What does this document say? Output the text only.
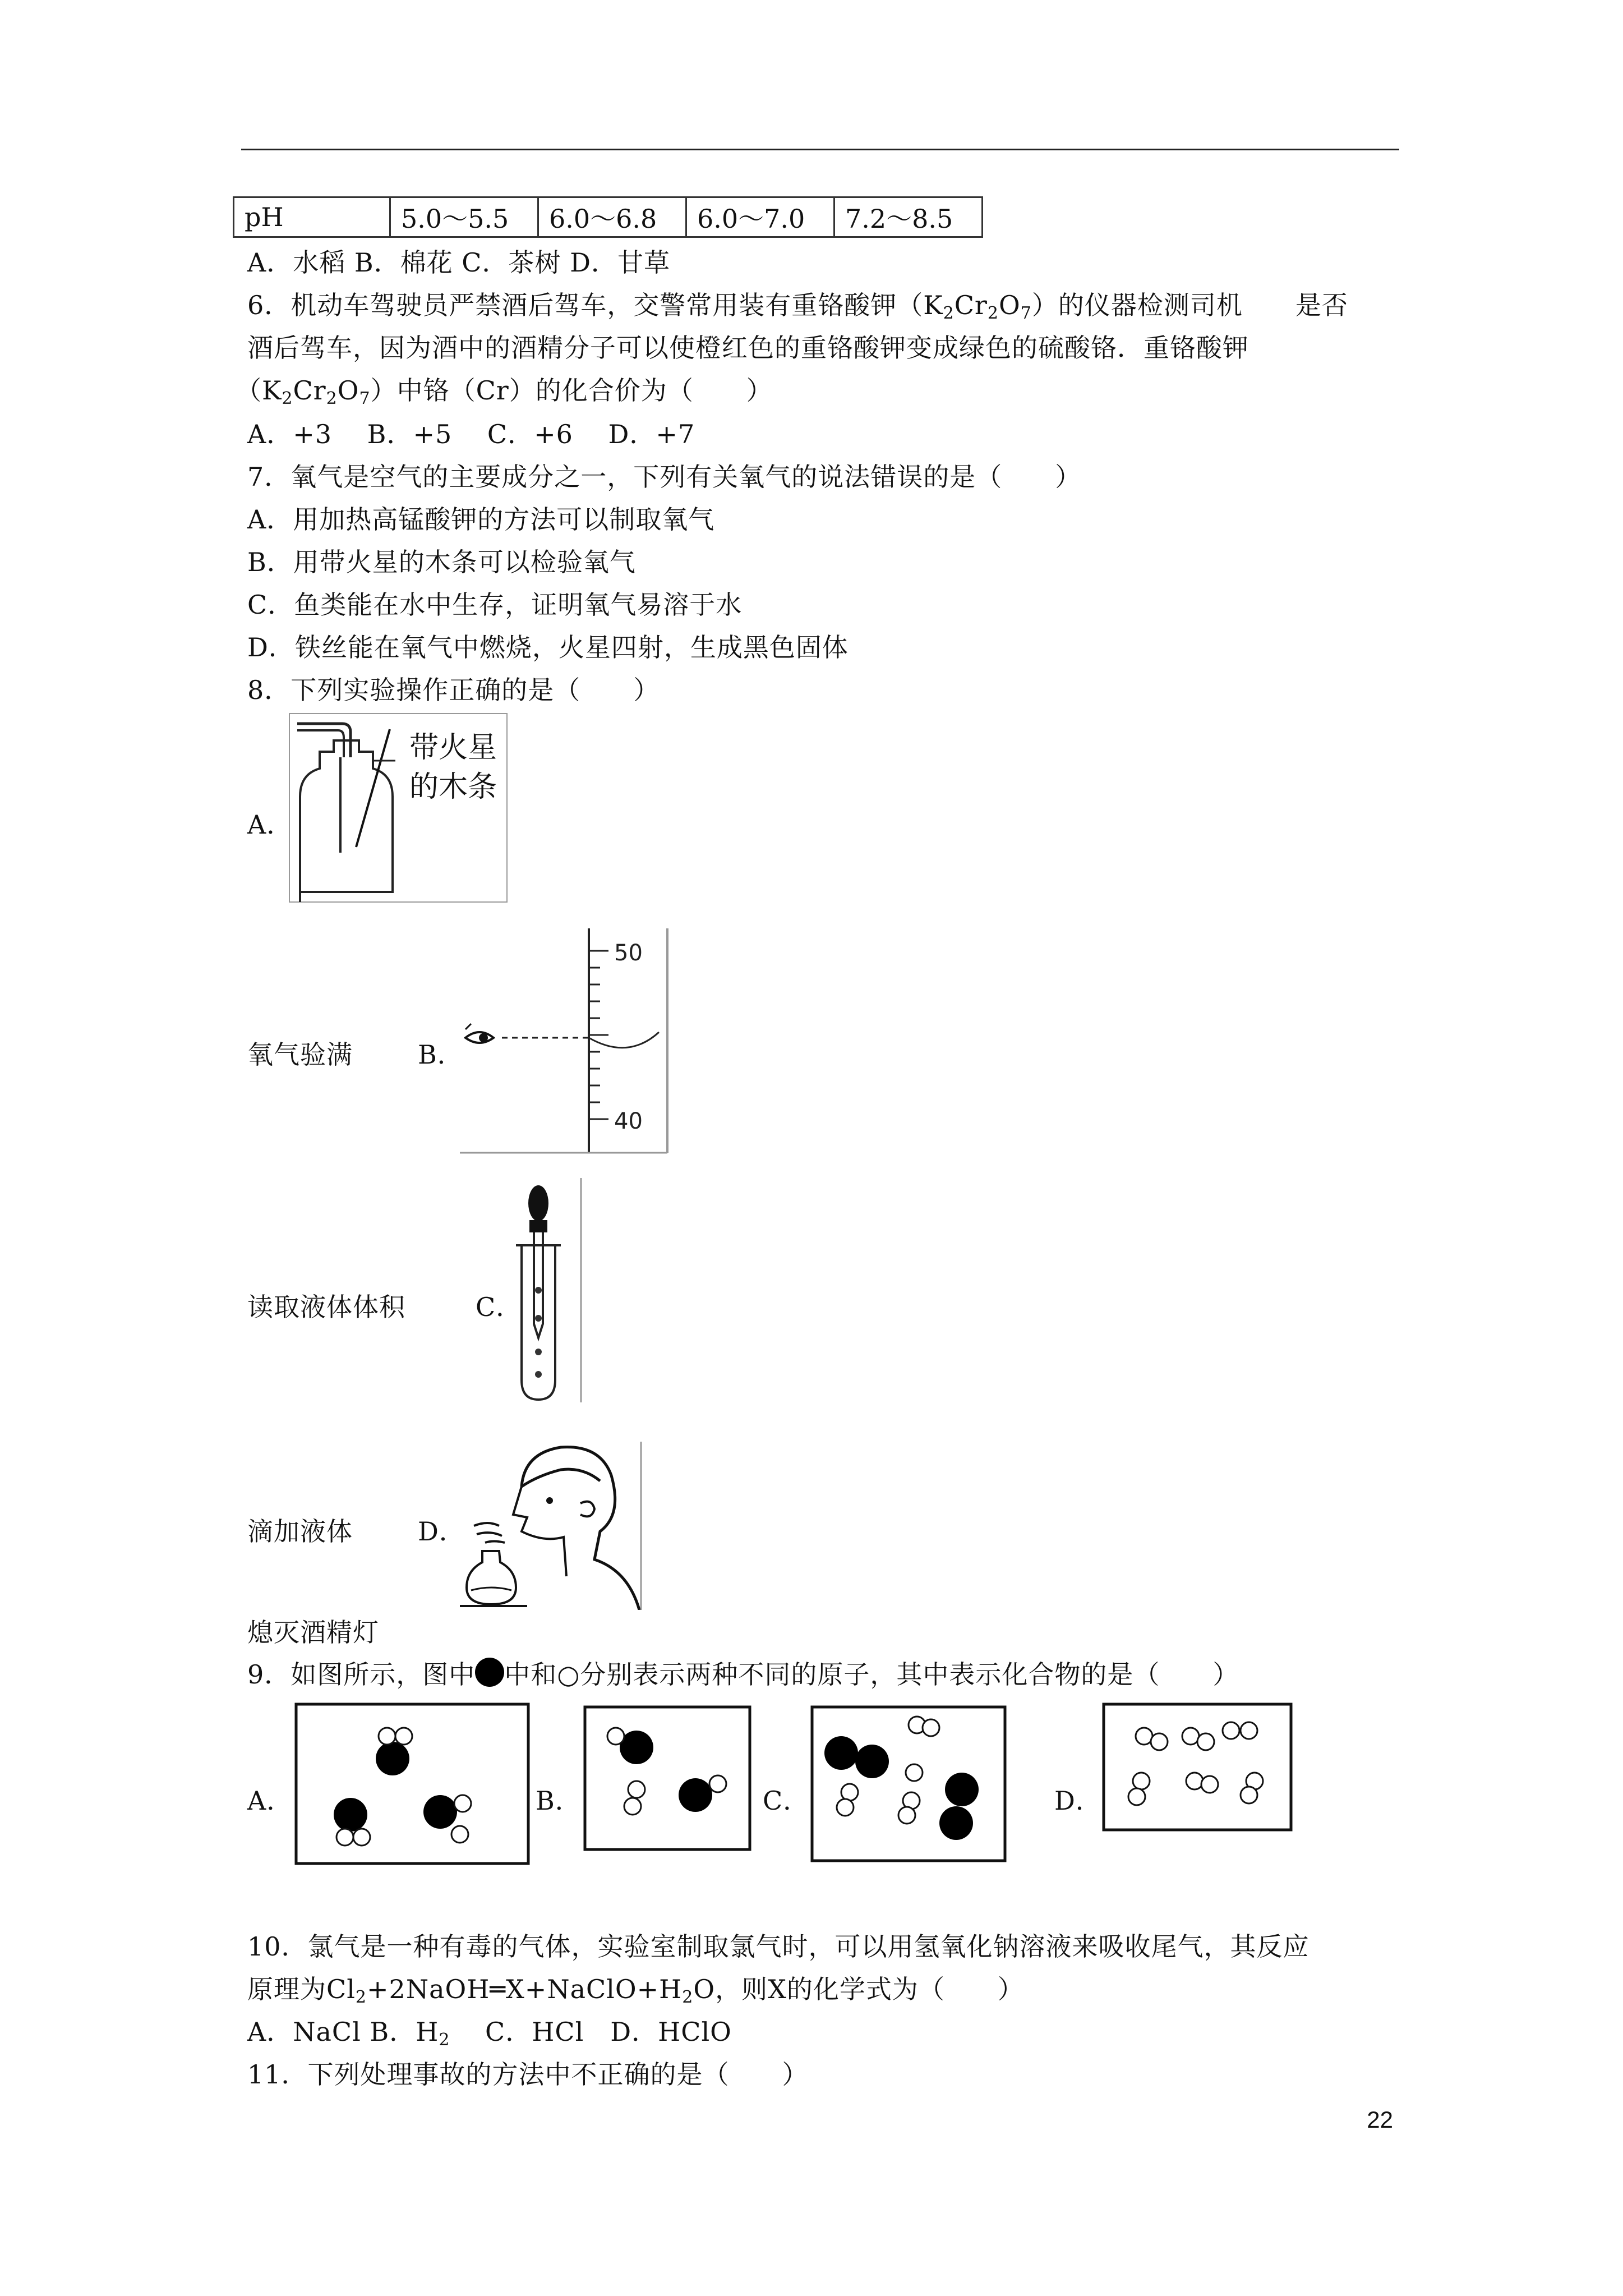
pH	5.0～5.5	6.0～6.8	6.0～7.0	7.2～8.5
A．水稻 B．棉花 C．茶树 D．甘草
6．机动车驾驶员严禁酒后驾车，交警常用装有重铬酸钾$(K_2Cr_2O_7)$的仪器检测司机　　是否
酒后驾车，因为酒中的酒精分子可以使橙红色的重铬酸钾变成绿色的硫酸铬．重铬酸钾
$(K_2Cr_2O_7)$中铬（Cr）的化合价为（　　）
A．+3　 B．+5　 C．+6　 D．+7
7．氧气是空气的主要成分之一，下列有关氧气的说法错误的是（　　）
A．用加热高锰酸钾的方法可以制取氧气
B．用带火星的木条可以检验氧气
C．鱼类能在水中生存，证明氧气易溶于水
D．铁丝能在氧气中燃烧，火星四射，生成黑色固体
8．下列实验操作正确的是（　　）
A．
带火星
的木条
氧气验满	B．
50
40
读取液体体积	C．
滴加液体	D．
熄灭酒精灯
9．如图所示，图中 中和○分别表示两种不同的原子，其中表示化合物的是（　　）
A．	B．	C．	D．
10．氯气是一种有毒的气体，实验室制取氯气时，可以用氢氧化钠溶液来吸收尾气，其反应
原理为$Cl_2+2NaOH═X+NaClO+H_2O$，则X的化学式为（　　）
A．NaCl B．$H_2$　 C．HCl　D．HClO
11．下列处理事故的方法中不正确的是（　　）
22
